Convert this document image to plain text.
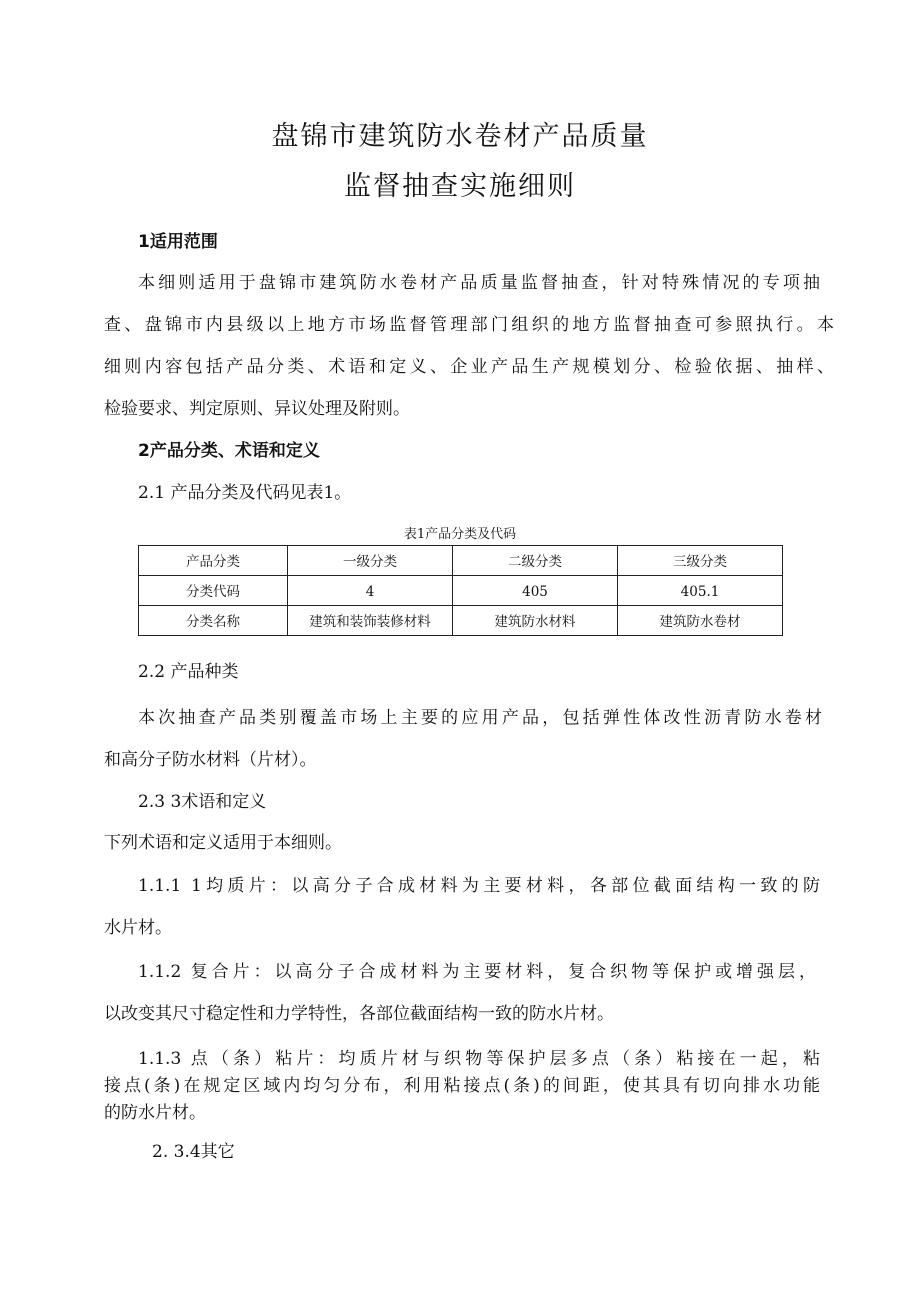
盘锦市建筑防水卷材产品质量
监督抽查实施细则
1适用范围
本细则适用于盘锦市建筑防水卷材产品质量监督抽查，针对特殊情况的专项抽
查、盘锦市内县级以上地方市场监督管理部门组织的地方监督抽查可参照执行。本
细则内容包括产品分类、术语和定义、企业产品生产规模划分、检验依据、抽样、
检验要求、判定原则、异议处理及附则。
2产品分类、术语和定义
2.1 产品分类及代码见表1。
表1产品分类及代码
产品分类	一级分类	二级分类	三级分类
分类代码	4	405	405.1
分类名称	建筑和装饰装修材料	建筑防水材料	建筑防水卷材
2.2 产品种类
本次抽查产品类别覆盖市场上主要的应用产品，包括弹性体改性沥青防水卷材
和高分子防水材料（片材）。
2.3 3术语和定义
下列术语和定义适用于本细则。
1.1.1 1均质片：以高分子合成材料为主要材料，各部位截面结构一致的防
水片材。
1.1.2 复合片：以高分子合成材料为主要材料，复合织物等保护或增强层，
以改变其尺寸稳定性和力学特性，各部位截面结构一致的防水片材。
1.1.3 点（条）粘片：均质片材与织物等保护层多点（条）粘接在一起，粘
接点(条)在规定区域内均匀分布，利用粘接点(条)的间距，使其具有切向排水功能
的防水片材。
2. 3.4其它
